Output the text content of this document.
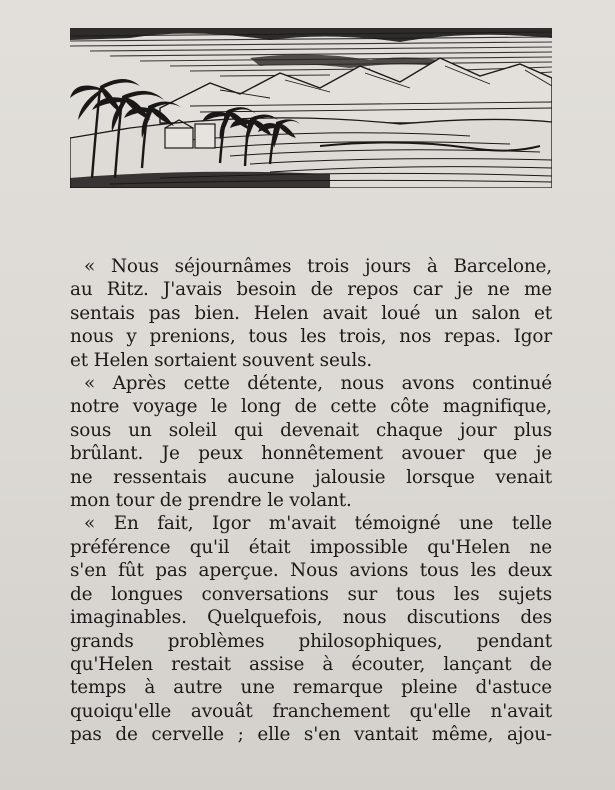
« Nous séjournâmes trois jours à Barcelone,
au Ritz. J'avais besoin de repos car je ne me
sentais pas bien. Helen avait loué un salon et
nous y prenions, tous les trois, nos repas. Igor
et Helen sortaient souvent seuls.
« Après cette détente, nous avons continué
notre voyage le long de cette côte magnifique,
sous un soleil qui devenait chaque jour plus
brûlant. Je peux honnêtement avouer que je
ne ressentais aucune jalousie lorsque venait
mon tour de prendre le volant.
« En fait, Igor m'avait témoigné une telle
préférence qu'il était impossible qu'Helen ne
s'en fût pas aperçue. Nous avions tous les deux
de longues conversations sur tous les sujets
imaginables. Quelquefois, nous discutions des
grands problèmes philosophiques, pendant
qu'Helen restait assise à écouter, lançant de
temps à autre une remarque pleine d'astuce
quoiqu'elle avouât franchement qu'elle n'avait
pas de cervelle ; elle s'en vantait même, ajou-
